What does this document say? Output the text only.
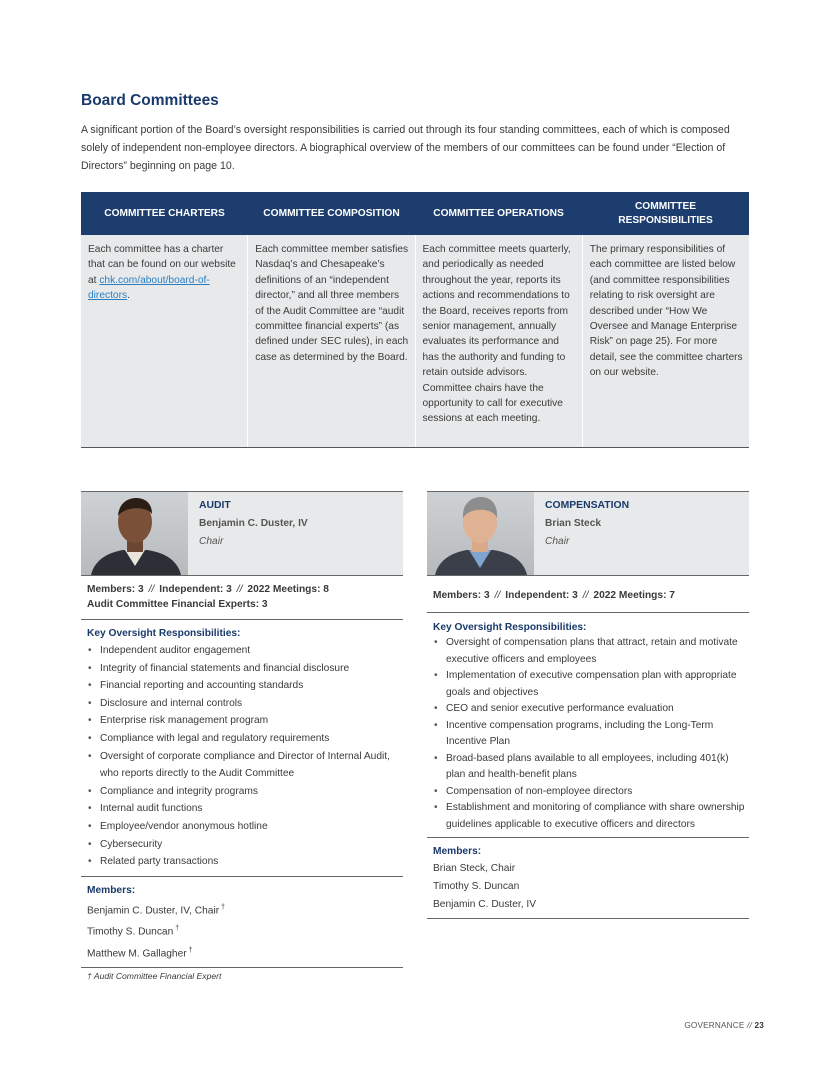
Board Committees
A significant portion of the Board’s oversight responsibilities is carried out through its four standing committees, each of which is composed solely of independent non-employee directors. A biographical overview of the members of our committees can be found under “Election of Directors” beginning on page 10.
COMMITTEE CHARTERS	COMMITTEE COMPOSITION	COMMITTEE OPERATIONS
COMMITTEE RESPONSIBILITIES
Each committee has a charter that can be found on our website at chk.com/about/board-of-directors.
Each committee member satisfies Nasdaq’s and Chesapeake’s definitions of an “independent director,” and all three members of the Audit Committee are “audit committee financial experts” (as defined under SEC rules), in each case as determined by the Board.
Each committee meets quarterly, and periodically as needed throughout the year, reports its actions and recommendations to the Board, receives reports from senior management, annually evaluates its performance and has the authority and funding to retain outside advisors. Committee chairs have the opportunity to call for executive sessions at each meeting.
The primary responsibilities of each committee are listed below (and committee responsibilities relating to risk oversight are described under “How We Oversee and Manage Enterprise Risk” on page 25). For more detail, see the committee charters on our website.
AUDIT
Benjamin C. Duster, IV
Chair
Members: 3 // Independent: 3 // 2022 Meetings: 8
Audit Committee Financial Experts: 3
Key Oversight Responsibilities:
• Independent auditor engagement
• Integrity of financial statements and financial disclosure
• Financial reporting and accounting standards
• Disclosure and internal controls
• Enterprise risk management program
• Compliance with legal and regulatory requirements
• Oversight of corporate compliance and Director of Internal Audit, who reports directly to the Audit Committee
• Compliance and integrity programs
• Internal audit functions
• Employee/vendor anonymous hotline
• Cybersecurity
• Related party transactions
Members:
Benjamin C. Duster, IV, Chair †
Timothy S. Duncan †
Matthew M. Gallagher †
† Audit Committee Financial Expert
COMPENSATION
Brian Steck
Chair
Members: 3 // Independent: 3 // 2022 Meetings: 7
Key Oversight Responsibilities:
• Oversight of compensation plans that attract, retain and motivate executive officers and employees
• Implementation of executive compensation plan with appropriate goals and objectives
• CEO and senior executive performance evaluation
• Incentive compensation programs, including the Long-Term Incentive Plan
• Broad-based plans available to all employees, including 401(k) plan and health-benefit plans
• Compensation of non-employee directors
• Establishment and monitoring of compliance with share ownership guidelines applicable to executive officers and directors
Members:
Brian Steck, Chair
Timothy S. Duncan
Benjamin C. Duster, IV
GOVERNANCE // 23
